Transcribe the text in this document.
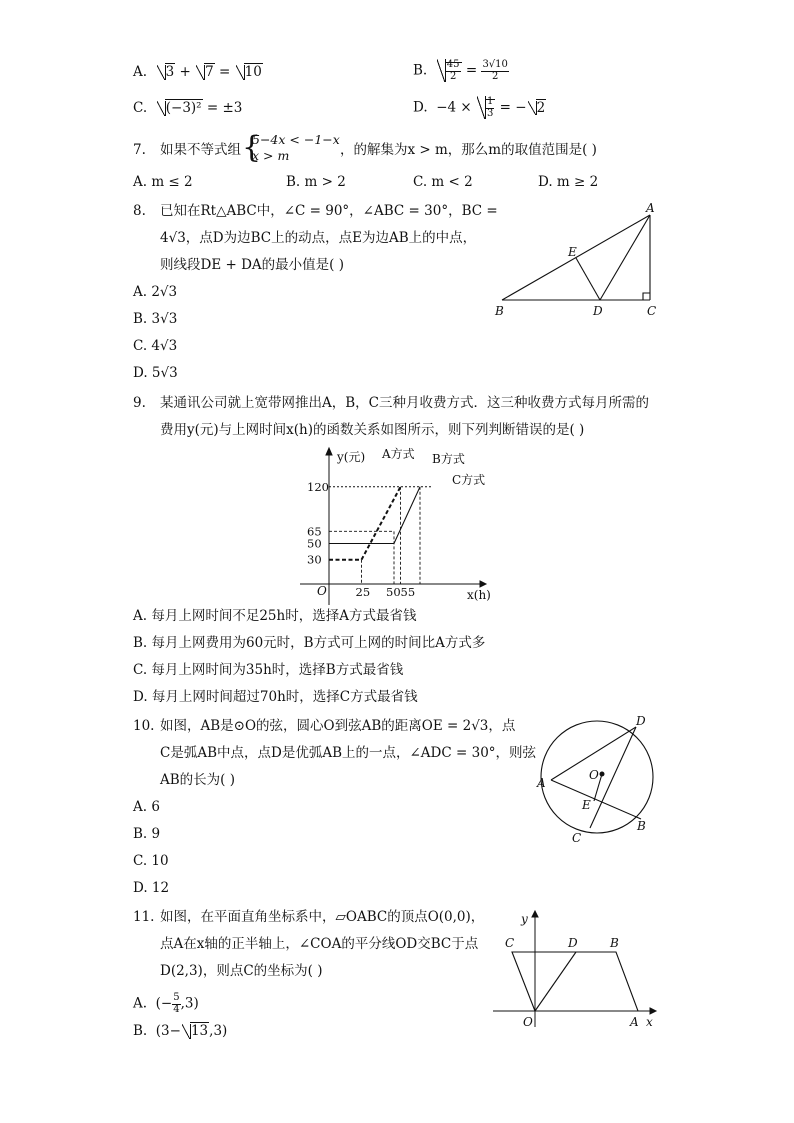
A.  3 + 7 = 10	B. $\frac{45}{2} = \frac{3√10}{2}$
C.  (−3)² = ±3	D.  $-4 \times \frac{1}{3}$ = − 2
7. 如果不等式组 {
5−4x < −1−x
x > m	，的解集为x > m，那么m的取值范围是( )
A. m ≤ 2	B. m > 2	C. m < 2	D. m ≥ 2
8. 已知在Rt△ABC中，∠C = 90°，∠ABC = 30°，BC =
4√3，点D为边BC上的动点，点E为边AB上的中点，
则线段DE + DA的最小值是( )
A. 2√3
B. 3√3
C. 4√3
D. 5√3
A
B	C
D
E
9. 某通讯公司就上宽带网推出A，B，C三种月收费方式．这三种收费方式每月所需的
费用y(元)与上网时间x(h)的函数关系如图所示，则下列判断错误的是( )
30
50
65
120
25 50 55
y(元)
x(h)
O
A方式 B方式
C方式
A. 每月上网时间不足25h时，选择A方式最省钱
B. 每月上网费用为60元时，B方式可上网的时间比A方式多
C. 每月上网时间为35h时，选择B方式最省钱
D. 每月上网时间超过70h时，选择C方式最省钱
10. 如图，AB是⊙O的弦，圆心O到弦AB的距离OE = 2√3，点
C是弧AB中点，点D是优弧AB上的一点，∠ADC = 30°，则弦
AB的长为( )
A. 6
B. 9
C. 10
D. 12
A
B
C
D
E
O
11. 如图，在平面直角坐标系中，▱OABC的顶点O(0,0)，
点A在x轴的正半轴上，∠COA的平分线OD交BC于点
D(2,3)，则点C的坐标为( )
A.  (− $\frac{5}{4} ,3$)
B.  (3− 13,3)
y
x
C	D	B
O	A
